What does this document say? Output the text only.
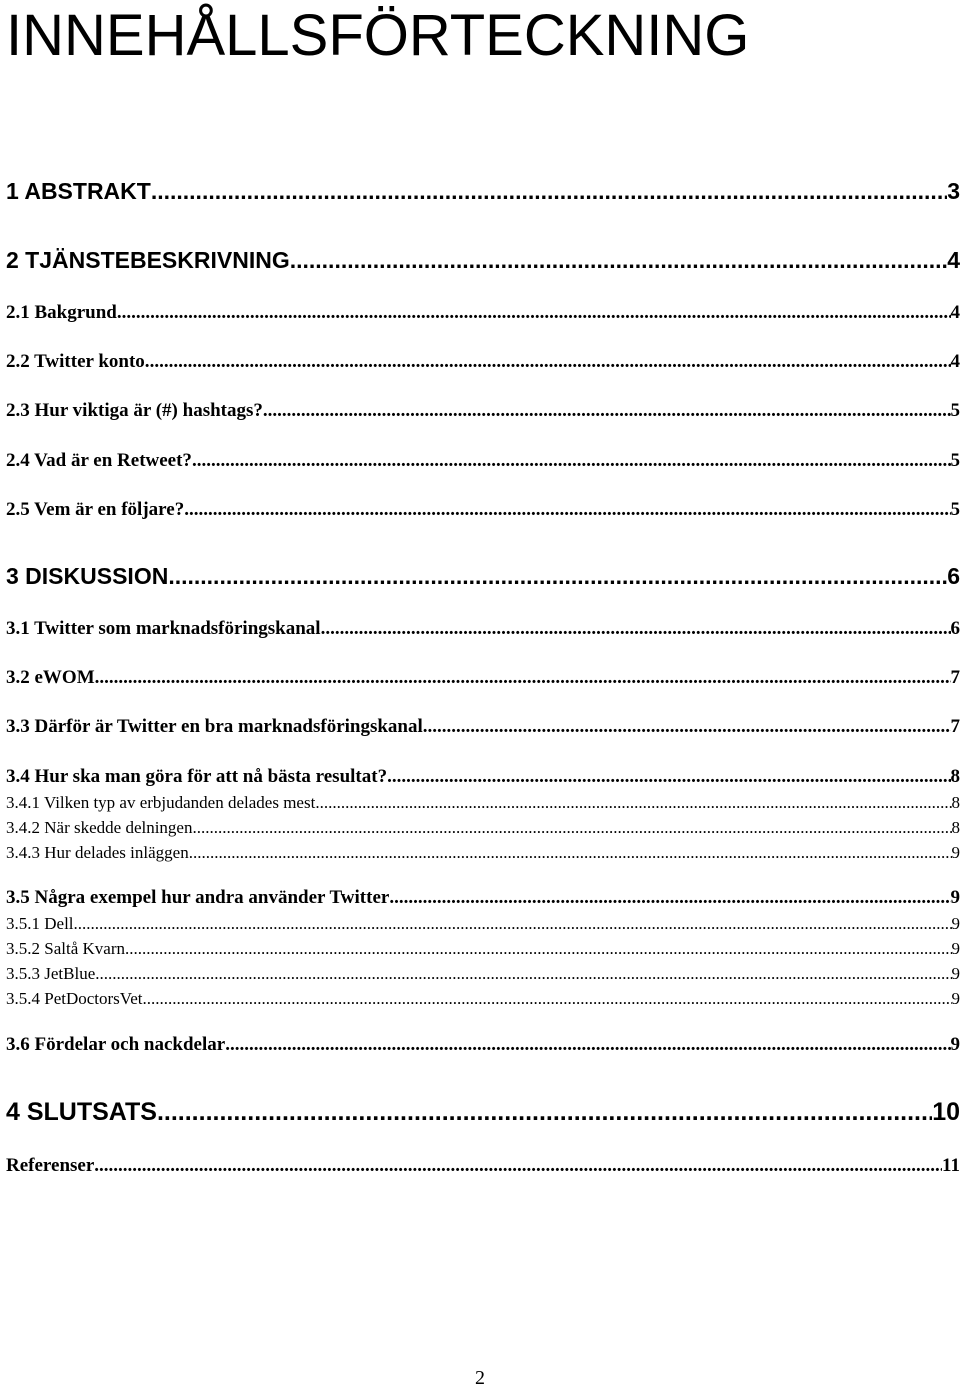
INNEHÅLLSFÖRTECKNING
1 ABSTRAKT .....	3
2 TJÄNSTEBESKRIVNING .....	4
2.1 Bakgrund .....	4
2.2 Twitter konto. .....	4
2.3 Hur viktiga är (#) hashtags? .....	5
2.4 Vad är en Retweet? .....	5
2.5 Vem är en följare? .....	5
3 DISKUSSION .....	6
3.1 Twitter som marknadsföringskanal .....	6
3.2 eWOM .....	7
3.3 Därför är Twitter en bra marknadsföringskanal .....	7
3.4 Hur ska man göra för att nå bästa resultat? .....	8
3.4.1 Vilken typ av erbjudanden delades mest .....	8
3.4.2 När skedde delningen .....	8
3.4.3 Hur delades inläggen .....	9
3.5 Några exempel hur andra använder Twitter .....	9
3.5.1 Dell .....	9
3.5.2 Saltå Kvarn .....	9
3.5.3 JetBlue .....	9
3.5.4 PetDoctorsVet .....	9
3.6 Fördelar och nackdelar .....	9
4 SLUTSATS .....	10
Referenser .....	11
2
